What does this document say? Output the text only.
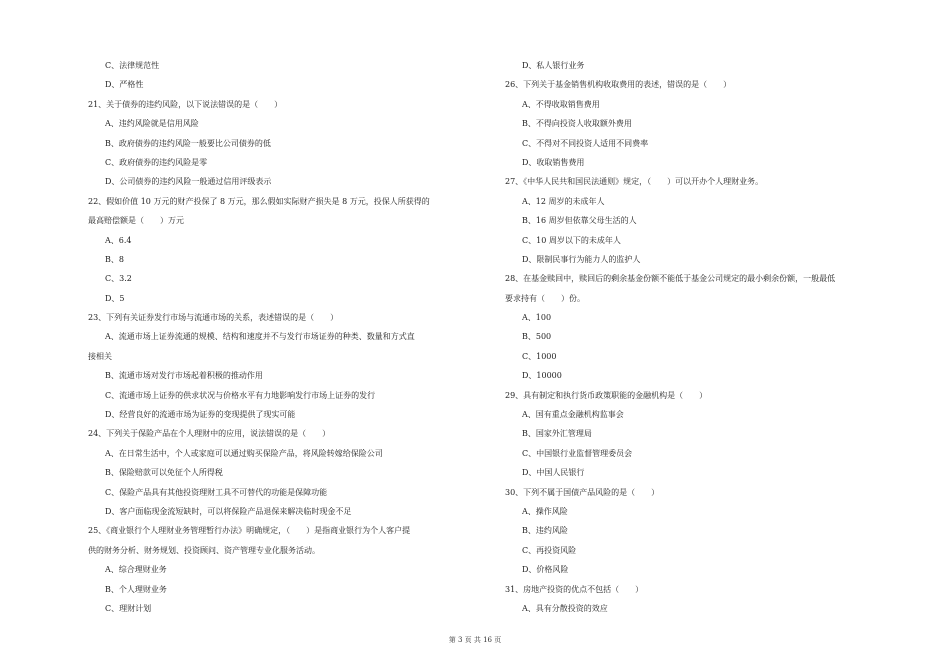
C、法律规范性
D、严格性
21、关于债券的违约风险，以下说法错误的是（　　）
A、违约风险就是信用风险
B、政府债券的违约风险一般要比公司债券的低
C、政府债券的违约风险是零
D、公司债券的违约风险一般通过信用评级表示
22、假如价值 10 万元的财产投保了 8 万元，那么假如实际财产损失是 8 万元，投保人所获得的
最高赔偿额是（　　）万元
A、6.4
B、8
C、3.2
D、5
23、下列有关证券发行市场与流通市场的关系，表述错误的是（　　）
A、流通市场上证券流通的规模、结构和速度并不与发行市场证券的种类、数量和方式直
接相关
B、流通市场对发行市场起着积极的推动作用
C、流通市场上证券的供求状况与价格水平有力地影响发行市场上证券的发行
D、经营良好的流通市场为证券的变现提供了现实可能
24、下列关于保险产品在个人理财中的应用，说法错误的是（　　）
A、在日常生活中，个人或家庭可以通过购买保险产品，将风险转嫁给保险公司
B、保险赔款可以免征个人所得税
C、保险产品具有其他投资理财工具不可替代的功能是保障功能
D、客户面临现金流短缺时，可以将保险产品退保来解决临时现金不足
25、《商业银行个人理财业务管理暂行办法》明确规定，（　　）是指商业银行为个人客户提
供的财务分析、财务规划、投资顾问、资产管理专业化服务活动。
A、综合理财业务
B、个人理财业务
C、理财计划
D、私人银行业务
26、下列关于基金销售机构收取费用的表述，错误的是（　　）
A、不得收取销售费用
B、不得向投资人收取额外费用
C、不得对不同投资人适用不同费率
D、收取销售费用
27、《中华人民共和国民法通则》规定，（　　）可以开办个人理财业务。
A、12 周岁的未成年人
B、16 周岁但依靠父母生活的人
C、10 周岁以下的未成年人
D、限制民事行为能力人的监护人
28、在基金赎回中，赎回后的剩余基金份额不能低于基金公司规定的最小剩余份额，一般最低
要求持有（　　）份。
A、100
B、500
C、1000
D、10000
29、具有制定和执行货币政策职能的金融机构是（　　）
A、国有重点金融机构监事会
B、国家外汇管理局
C、中国银行业监督管理委员会
D、中国人民银行
30、下列不属于国债产品风险的是（　　）
A、操作风险
B、违约风险
C、再投资风险
D、价格风险
31、房地产投资的优点不包括（　　）
A、具有分散投资的效应
第 3 页 共 16 页
